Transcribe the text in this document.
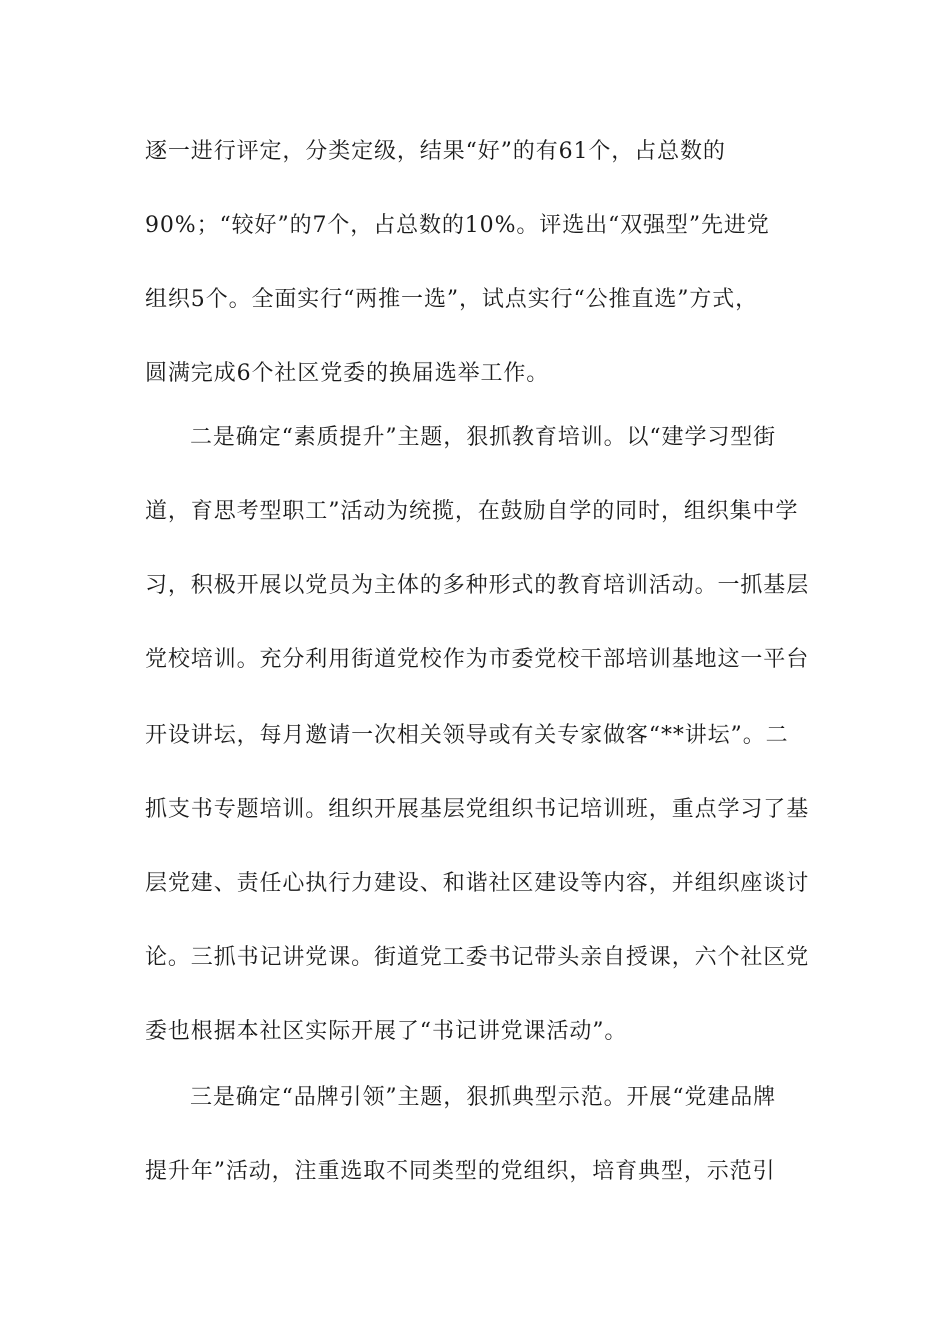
逐一进行评定，分类定级，结果“好”的有61个，占总数的
90%；“较好”的7个，占总数的10%。评选出“双强型”先进党
组织5个。全面实行“两推一选”，试点实行“公推直选”方式，
圆满完成6个社区党委的换届选举工作。
二是确定“素质提升”主题，狠抓教育培训。以“建学习型街
道，育思考型职工”活动为统揽，在鼓励自学的同时，组织集中学
习，积极开展以党员为主体的多种形式的教育培训活动。一抓基层
党校培训。充分利用街道党校作为市委党校干部培训基地这一平台
开设讲坛，每月邀请一次相关领导或有关专家做客“**讲坛”。二
抓支书专题培训。组织开展基层党组织书记培训班，重点学习了基
层党建、责任心执行力建设、和谐社区建设等内容，并组织座谈讨
论。三抓书记讲党课。街道党工委书记带头亲自授课，六个社区党
委也根据本社区实际开展了“书记讲党课活动”。
三是确定“品牌引领”主题，狠抓典型示范。开展“党建品牌
提升年”活动，注重选取不同类型的党组织，培育典型，示范引
